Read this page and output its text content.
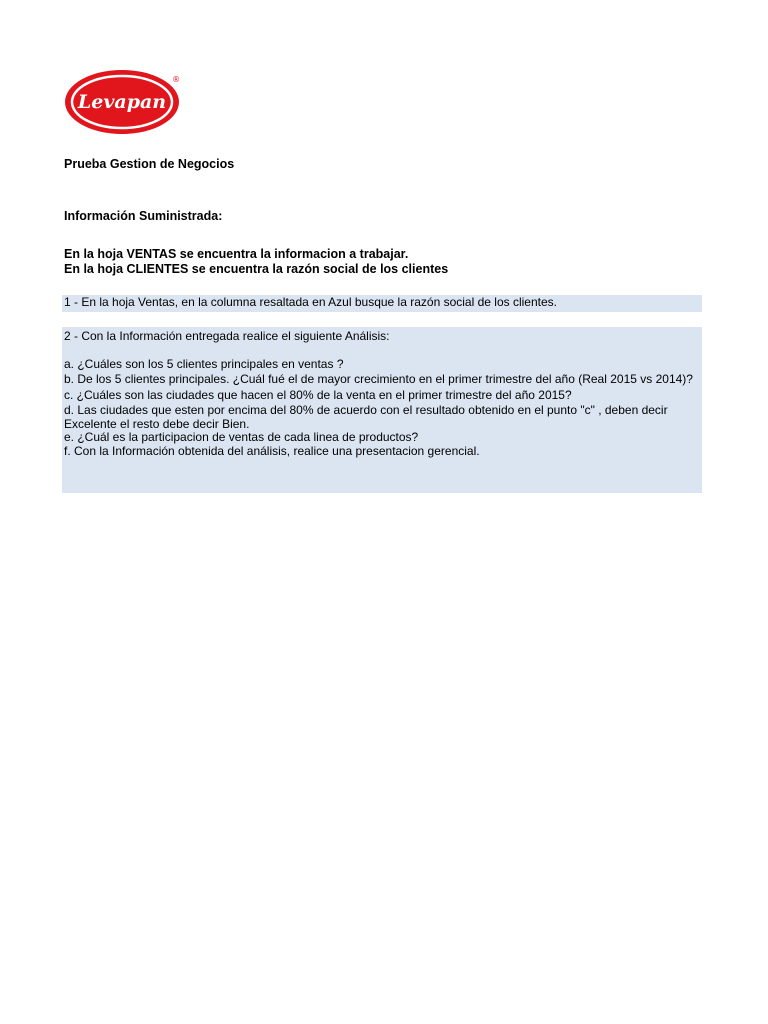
Levapan
®
Prueba Gestion de Negocios
Información Suministrada:
En la hoja VENTAS se encuentra la informacion a trabajar.
En la hoja CLIENTES se encuentra la razón social de los clientes
1 - En la hoja Ventas, en la columna resaltada en Azul busque la razón social de los clientes.
2 - Con la Información entregada realice el siguiente Análisis:
a. ¿Cuáles son los 5 clientes principales en ventas ?
b. De los 5 clientes principales. ¿Cuál fué el de mayor crecimiento en el primer trimestre del año (Real 2015 vs 2014)?
c. ¿Cuáles son las ciudades que hacen el 80% de la venta en el primer trimestre del año 2015?
d. Las ciudades que esten por encima del 80% de acuerdo con el resultado obtenido en el punto "c" , deben decir Excelente el resto debe decir Bien.
e. ¿Cuál es la participacion de ventas de cada linea de productos?
f. Con la Información obtenida del análisis, realice una presentacion gerencial.
